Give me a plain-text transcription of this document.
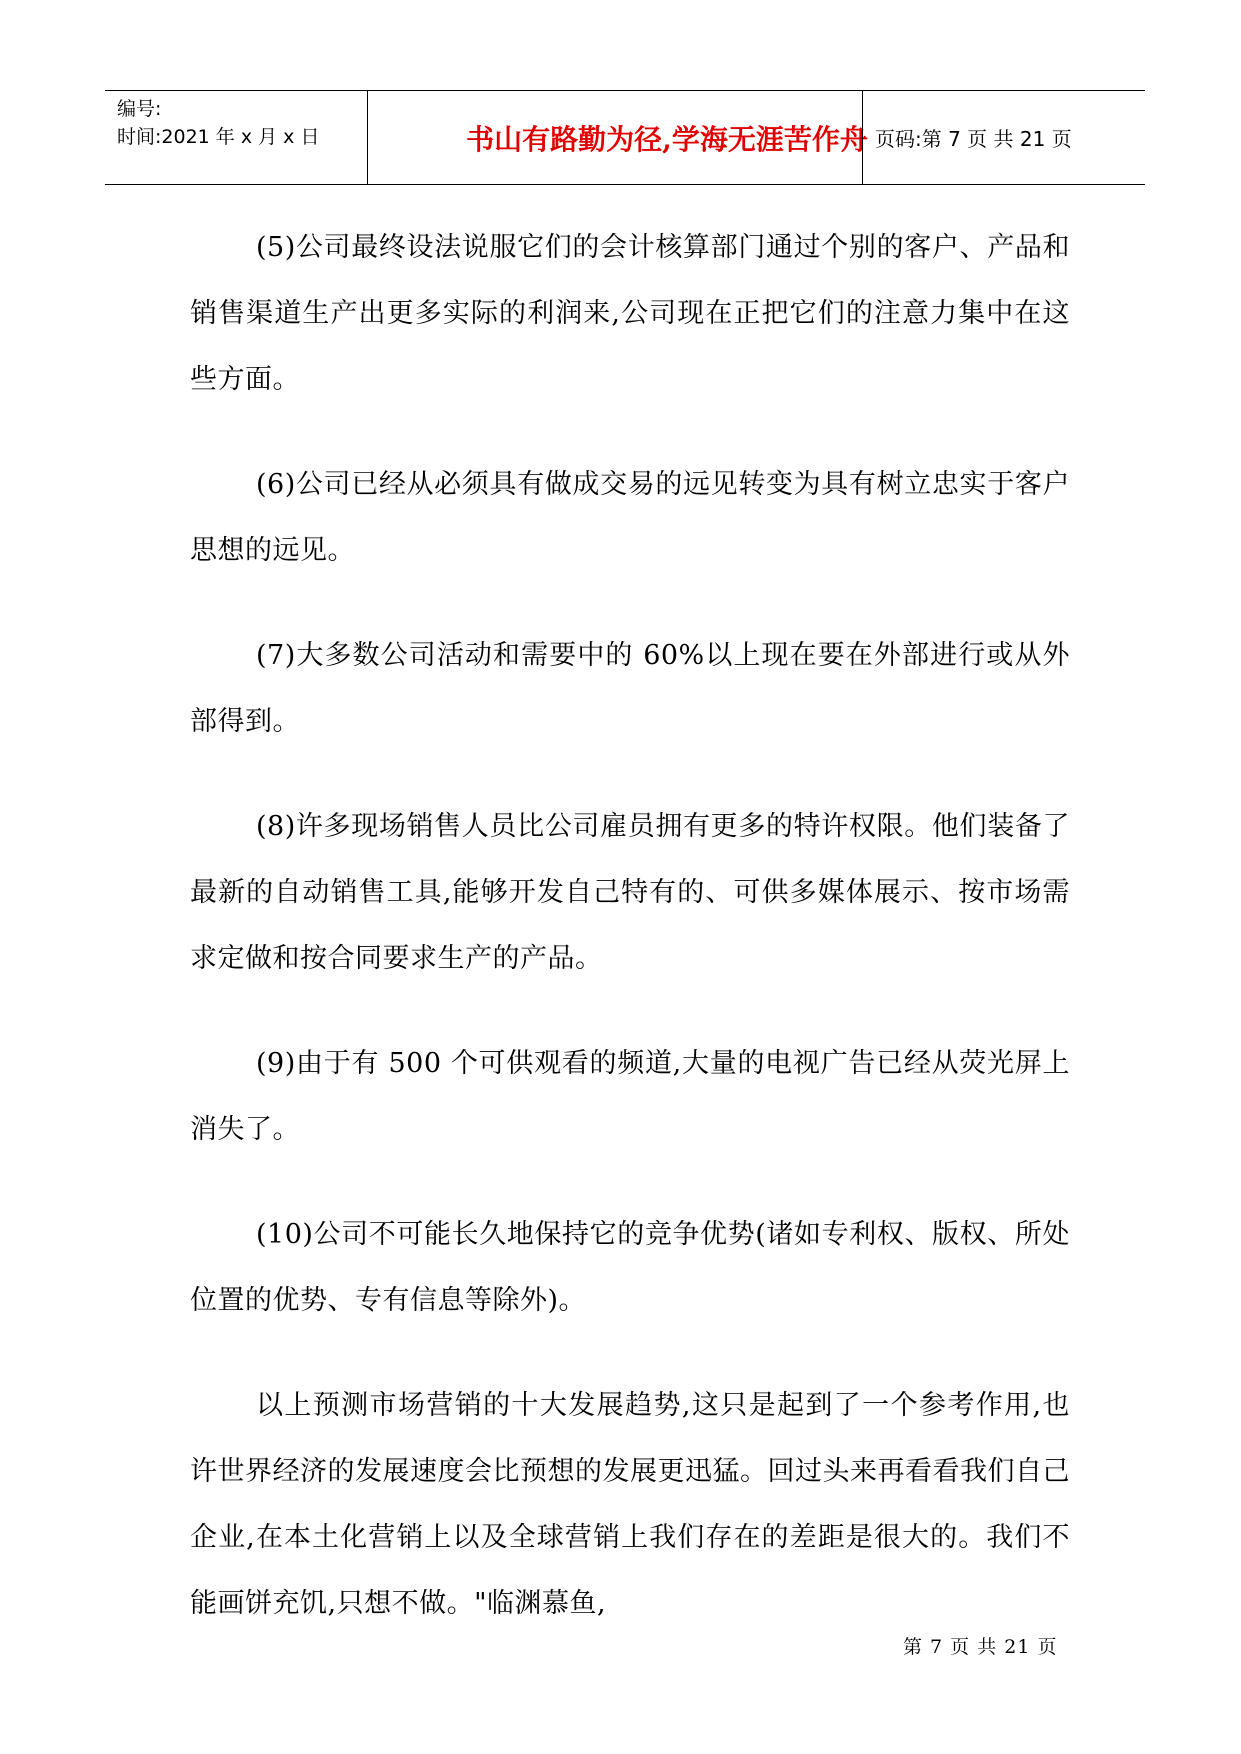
编号:
时间:2021 年 x 月 x 日	书山有路勤为径,学海无涯苦作舟 页码:第 7 页 共 21 页

(5)公司最终设法说服它们的会计核算部门通过个别的客户、产品和销售渠道生产出更多实际的利润来,公司现在正把它们的注意力集中在这些方面。

(6)公司已经从必须具有做成交易的远见转变为具有树立忠实于客户思想的远见。

(7)大多数公司活动和需要中的 60%以上现在要在外部进行或从外部得到。

(8)许多现场销售人员比公司雇员拥有更多的特许权限。他们装备了最新的自动销售工具,能够开发自己特有的、可供多媒体展示、按市场需求定做和按合同要求生产的产品。

(9)由于有 500 个可供观看的频道,大量的电视广告已经从荧光屏上消失了。

(10)公司不可能长久地保持它的竞争优势(诸如专利权、版权、所处位置的优势、专有信息等除外)。

以上预测市场营销的十大发展趋势,这只是起到了一个参考作用,也许世界经济的发展速度会比预想的发展更迅猛。回过头来再看看我们自己企业,在本土化营销上以及全球营销上我们存在的差距是很大的。我们不能画饼充饥,只想不做。"临渊慕鱼,

第 7 页 共 21 页
